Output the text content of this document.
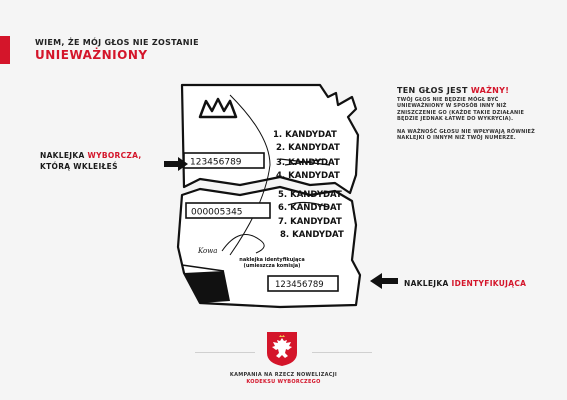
WIEM, ŻE MÓJ GŁOS NIE ZOSTANIE
UNIEWAŻNIONY
123456789
000005345
1. KANDYDAT
2. KANDYDAT
3. KANDYDAT
4. KANDYDAT
5. KANDYDAT
6. KANDYDAT
7. KANDYDAT
8. KANDYDAT
Kowa
naklejka identyfikująca
(umieszcza komisja)
123456789
NAKLEJKA WYBORCZA,
KTÓRĄ WKLEIŁEŚ
NAKLEJKA IDENTYFIKUJĄCA
TEN GŁOS JEST WAŻNY!
TWÓJ GŁOS NIE BĘDZIE MÓGŁ BYĆ UNIEWAŻNIONY W SPOSÓB INNY NIŻ ZNISZCZENIE GO (KAŻDE TAKIE DZIAŁANIE BĘDZIE JEDNAK ŁATWE DO WYKRYCIA).
NA WAŻNOŚĆ GŁOSU NIE WPŁYWAJĄ RÓWNIEŻ NAKLEJKI O INNYM NIŻ TWÓJ NUMERZE.
KAMPANIA NA RZECZ NOWELIZACJI
KODEKSU WYBORCZEGO
